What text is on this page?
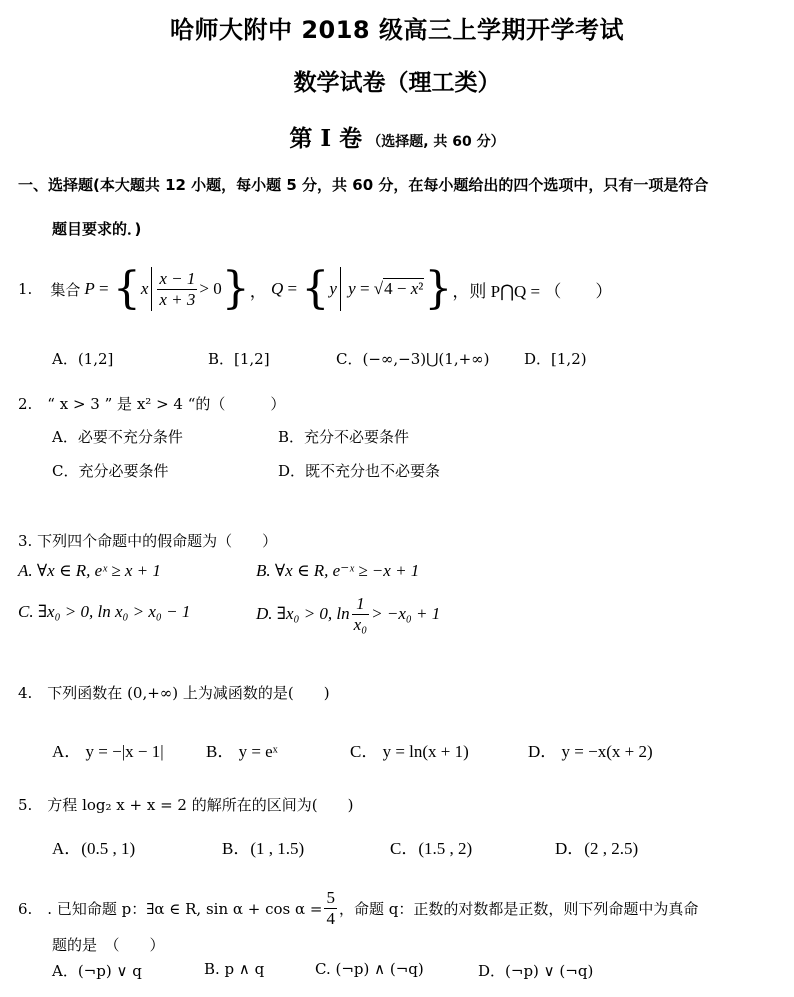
哈师大附中 2018 级高三上学期开学考试
数学试卷（理工类）
第 I 卷 （选择题, 共 60 分）
一、选择题(本大题共 12 小题，每小题 5 分，共 60 分，在每小题给出的四个选项中，只有一项是符合
题目要求的．)
1. 集合 P = { x $\frac{x - 1}{x + 3} > 0$ } ， Q = { y y = √4 − x² } ，则 P⋂Q = （　　）
A．(1,2]	B．[1,2]	C．(−∞,−3)⋃(1,+∞) D．[1,2)
2.　“ x > 3 ” 是 x² > 4 “的（　　　）
A．必要不充分条件	B．充分不必要条件
C．充分必要条件	D．既不充分也不必要条
3. 下列四个命题中的假命题为（　　）
A. ∀x ∈ R, eˣ ≥ x + 1	B. ∀x ∈ R, e⁻ˣ ≥ −x + 1
C. ∃x₀ > 0, ln x₀ > x₀ − 1	D. ∃x₀ > 0, $\ln \frac{1}{\text{x₀}} > -x_0 + 1$
4.　下列函数在 (0,+∞) 上为减函数的是(　　)
A． y = −|x − 1| B． y = eˣ	C． y = ln(x + 1)	D． y = −x(x + 2)
5.　方程 log₂ x + x = 2 的解所在的区间为(　　)
A．(0.5 , 1)	B．(1 , 1.5)	C．(1.5 , 2)	D．(2 , 2.5)
6.　. 已知命题 p：∃α ∈ R, $\sin \alpha + \cos \alpha = \frac{5}{4}$ ，命题 q：正数的对数都是正数，则下列命题中为真命
题的是　（　　）
A．(¬p) ∨ q	B. p ∧ q	C. (¬p) ∧ (¬q)	D．(¬p) ∨ (¬q)
